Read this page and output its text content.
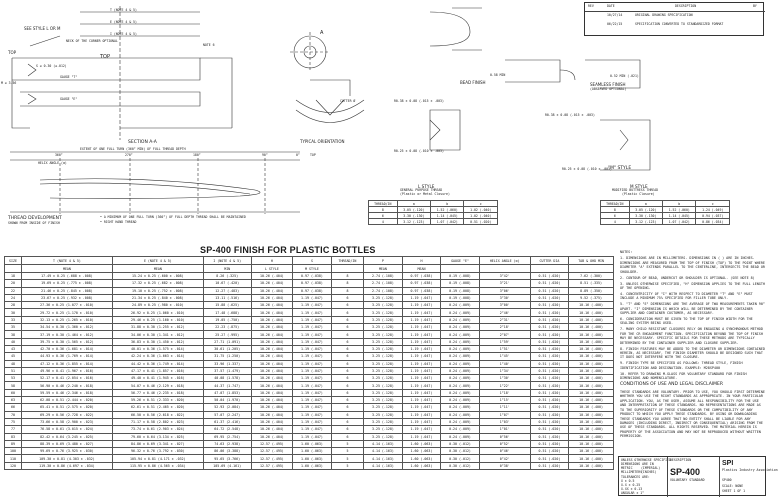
REV	DATE	DESCRIPTION	BY
10/27/14	ORIGINAL DRAWING SPECIFICATION
06/22/15	SPECIFICATION CONVERTED TO STANDARDIZED FORMAT
SEE STYLE L OR M
TOP
TOP
T (NOTE 4 & 5)
E (NOTE 4 & 5)
I (NOTE 4 & 5)
NOTE 6
NECK OF THE CORNER OPTIONAL
S ≤ 0.30 (≤.012)
GAUGE "T"
GAUGE "E"
M ≤ 3.56
SECTION A-A
BEAD FINISH
0.58 MIN
TYPICAL ORIENTATION
CUTTER Ø
A
SEAMLESS FINISH
(OBSERVED OPTIONAL)
0.52 MIN (.021)
R0.38 ± 0.08 (.015 ± .003)
R0.25 ± 0.08 (.010 ± .003)
R0.38 ± 0.08 (.015 ± .003)
R0.25 ± 0.08 (.010 ± .003)
"M" STYLE
EXTENT OF ONE FULL TURN (360° MIN) OF FULL THREAD DEPTH
HELIX ANGLE (α)
360°	270°	180°	90°	0°	TOP
THREAD DEVELOPMENT
SHOWN FROM INSIDE OF FINISH
• A MINIMUM OF ONE FULL TURN (360°) OF FULL DEPTH THREAD SHALL BE MAINTAINED
• RIGHT HAND THREAD
L STYLE
GENERAL PURPOSE THREAD
(Plastic or Metal Closure)
THREAD/IN	a	b	c
8	3.05 (.120)	1.52 (.060)	1.02 (.040)
6	3.30 (.130)	1.14 (.045)	1.02 (.040)
4	3.12 (.123)	1.07 (.042)	0.51 (.020)
M STYLE
MODIFIED BUTTRESS THREAD
(Plastic Closure)
THREAD/IN	a	b	c
8	3.05 (.120)	1.52 (.060)	1.24 (.049)
6	3.30 (.130)	1.14 (.045)	0.94 (.037)
4	3.12 (.123)	1.07 (.042)	0.86 (.034)
SP-400 FINISH FOR PLASTIC BOTTLES
SIZE	T (NOTE 4 & 5)	E (NOTE 4 & 5)	I (NOTE 4 & 5)	H	S	THREAD/IN	P	H	GAUGE "E"	HELIX ANGLE (α)	CUTTER DIA	TAB & OHD MIN
	MEAN	MEAN	MIN	L STYLE	M STYLE		MEAN	MEAN				
18	17.49 ± 0.25 (.688 ± .008)	15.24 ± 0.25 (.600 ± .008)	8.26 (.325)	10.26 (.404)	0.97 (.038)	8	2.74 (.108)	0.97 (.038)	0.19 (.008)	3°42'	0.51 (.020)	7.62 (.300)
20	19.69 ± 0.25 (.775 ± .008)	17.32 ± 0.25 (.682 ± .008)	10.67 (.420)	10.26 (.404)	0.97 (.038)	8	2.74 (.108)	0.97 (.038)	0.19 (.008)	3°21'	0.51 (.020)	8.51 (.335)
22	21.46 ± 0.25 (.845 ± .008)	19.10 ± 0.25 (.752 ± .008)	12.27 (.483)	10.26 (.404)	0.97 (.038)	8	2.74 (.108)	0.97 (.038)	0.19 (.008)	3°06'	0.51 (.020)	8.89 (.350)
24	23.67 ± 0.25 (.932 ± .008)	21.34 ± 0.25 (.840 ± .008)	13.11 (.516)	10.26 (.404)	1.19 (.047)	6	3.25 (.128)	1.19 (.047)	0.19 (.008)	3°30'	0.51 (.020)	9.52 (.375)
28	27.36 ± 0.25 (1.077 ± .010)	24.89 ± 0.25 (.980 ± .010)	15.88 (.625)	10.26 (.404)	1.19 (.047)	6	3.25 (.128)	1.19 (.047)	0.24 (.009)	3°00'	0.51 (.020)	10.16 (.400)
30	29.72 ± 0.25 (1.170 ± .010)	26.92 ± 0.25 (1.060 ± .010)	17.48 (.688)	10.26 (.404)	1.19 (.047)	6	3.25 (.128)	1.19 (.047)	0.24 (.009)	2°46'	0.51 (.020)	10.16 (.400)
33	32.13 ± 0.25 (1.265 ± .010)	29.46 ± 0.25 (1.160 ± .010)	19.05 (.750)	10.26 (.404)	1.19 (.047)	6	3.25 (.128)	1.19 (.047)	0.24 (.009)	2°31'	0.51 (.020)	10.16 (.400)
35	34.54 ± 0.30 (1.360 ± .012)	31.88 ± 0.30 (1.255 ± .012)	22.23 (.875)	10.26 (.404)	1.19 (.047)	6	3.25 (.128)	1.19 (.047)	0.24 (.009)	2°18'	0.51 (.020)	10.16 (.400)
38	37.19 ± 0.30 (1.464 ± .012)	34.06 ± 0.30 (1.341 ± .012)	25.27 (.995)	10.26 (.404)	1.19 (.047)	6	3.25 (.128)	1.19 (.047)	0.24 (.009)	2°07'	0.51 (.020)	10.16 (.400)
40	39.75 ± 0.30 (1.565 ± .012)	36.83 ± 0.30 (1.450 ± .012)	27.71 (1.091)	10.26 (.404)	1.19 (.047)	6	3.25 (.128)	1.19 (.047)	0.24 (.009)	1°59'	0.51 (.020)	10.16 (.400)
43	42.70 ± 0.36 (1.681 ± .014)	40.01 ± 0.36 (1.575 ± .014)	30.61 (1.205)	10.26 (.404)	1.19 (.047)	6	3.25 (.128)	1.19 (.047)	0.24 (.009)	1°51'	0.51 (.020)	10.16 (.400)
45	44.93 ± 0.36 (1.769 ± .014)	42.24 ± 0.36 (1.663 ± .014)	31.75 (1.250)	10.26 (.404)	1.19 (.047)	6	3.25 (.128)	1.19 (.047)	0.24 (.009)	1°45'	0.51 (.020)	10.16 (.400)
48	47.12 ± 0.36 (1.855 ± .014)	44.42 ± 0.36 (1.749 ± .014)	33.96 (1.337)	10.26 (.404)	1.19 (.047)	6	3.25 (.128)	1.19 (.047)	0.24 (.009)	1°40'	0.51 (.020)	10.16 (.400)
51	49.96 ± 0.41 (1.967 ± .016)	47.17 ± 0.41 (1.857 ± .016)	37.57 (1.479)	10.26 (.404)	1.19 (.047)	6	3.25 (.128)	1.19 (.047)	0.24 (.009)	1°34'	0.51 (.020)	10.16 (.400)
53	52.17 ± 0.41 (2.054 ± .016)	49.40 ± 0.41 (1.945 ± .016)	40.08 (1.578)	10.26 (.404)	1.19 (.047)	6	3.25 (.128)	1.19 (.047)	0.24 (.009)	1°30'	0.51 (.020)	10.16 (.400)
58	56.90 ± 0.46 (2.240 ± .018)	54.07 ± 0.46 (2.129 ± .018)	44.37 (1.747)	10.26 (.404)	1.19 (.047)	6	3.25 (.128)	1.19 (.047)	0.24 (.009)	1°22'	0.51 (.020)	10.16 (.400)
60	59.59 ± 0.46 (2.346 ± .018)	56.77 ± 0.46 (2.235 ± .018)	47.07 (1.853)	10.26 (.404)	1.19 (.047)	6	3.25 (.128)	1.19 (.047)	0.24 (.009)	1°18'	0.51 (.020)	10.16 (.400)
63	62.08 ± 0.51 (2.444 ± .020)	59.26 ± 0.51 (2.333 ± .020)	50.04 (1.970)	10.26 (.404)	1.19 (.047)	6	3.25 (.128)	1.19 (.047)	0.24 (.009)	1°15'	0.51 (.020)	10.16 (.400)
66	65.41 ± 0.51 (2.575 ± .020)	62.61 ± 0.51 (2.465 ± .020)	52.93 (2.084)	10.26 (.404)	1.19 (.047)	6	3.25 (.128)	1.19 (.047)	0.24 (.009)	1°11'	0.51 (.020)	10.16 (.400)
70	69.29 ± 0.56 (2.728 ± .022)	66.50 ± 0.56 (2.618 ± .022)	57.07 (2.247)	10.26 (.404)	1.19 (.047)	6	3.25 (.128)	1.19 (.047)	0.24 (.009)	1°07'	0.51 (.020)	10.16 (.400)
75	73.66 ± 0.58 (2.900 ± .023)	71.17 ± 0.58 (2.802 ± .023)	61.37 (2.416)	10.26 (.404)	1.19 (.047)	6	3.25 (.128)	1.19 (.047)	0.24 (.009)	1°03'	0.51 (.020)	10.16 (.400)
77	76.58 ± 0.61 (3.015 ± .024)	73.74 ± 0.61 (2.903 ± .024)	64.72 (2.548)	10.26 (.404)	1.19 (.047)	6	3.25 (.128)	1.19 (.047)	0.24 (.009)	1°01'	0.51 (.020)	10.16 (.400)
83	82.42 ± 0.64 (3.245 ± .025)	79.60 ± 0.64 (3.134 ± .025)	69.95 (2.754)	10.26 (.404)	1.19 (.047)	6	3.25 (.128)	1.19 (.047)	0.24 (.009)	0°56'	0.51 (.020)	10.16 (.400)
89	88.39 ± 0.69 (3.480 ± .027)	84.86 ± 0.69 (3.341 ± .027)	74.63 (2.938)	12.57 (.495)	1.60 (.063)	5	4.14 (.163)	1.60 (.063)	0.30 (.012)	0°52'	0.51 (.020)	10.16 (.400)
100	99.69 ± 0.76 (3.925 ± .030)	96.32 ± 0.76 (3.792 ± .030)	86.06 (3.388)	12.57 (.495)	1.60 (.063)	5	4.14 (.163)	1.60 (.063)	0.30 (.012)	0°46'	0.51 (.020)	10.16 (.400)
110	109.30 ± 0.81 (4.303 ± .032)	105.94 ± 0.81 (4.171 ± .032)	95.65 (3.766)	12.57 (.495)	1.60 (.063)	5	4.14 (.163)	1.60 (.063)	0.30 (.012)	0°42'	0.51 (.020)	10.16 (.400)
120	119.30 ± 0.86 (4.697 ± .034)	115.95 ± 0.86 (4.565 ± .034)	105.69 (4.161)	12.57 (.495)	1.60 (.063)	5	4.14 (.163)	1.60 (.063)	0.30 (.012)	0°38'	0.51 (.020)	10.16 (.400)
NOTES:
1. DIMENSIONS ARE IN MILLIMETERS. DIMENSIONS IN ( ) ARE IN INCHES. DIMENSIONS ARE MEASURED FROM THE TOP OF FINISH (TOF) TO THE POINT WHERE DIAMETER "A" EXTENDS PARALLEL TO THE CENTERLINE, INTERSECTS THE BEAD OR SHOULDER.
2. CONTOUR OF BEAD, UNDERCUT OR SHOULDER IS OPTIONAL. (SEE NOTE 8)
3. UNLESS OTHERWISE SPECIFIED, "H" DIMENSION APPLIES TO THE FULL LENGTH OF THE OPENING.
4. CONCENTRICITY OF "I" WITH RESPECT TO DIAMETER "T" AND "E" MUST INCLUDE A MINIMUM 75% SPECIFIED FOR FILLER TUBE ONLY.
5. "T" AND "E" DIMENSIONS ARE THE AVERAGE OF TWO MEASUREMENTS TAKEN 90° APART. "I" DIMENSION IS WHICH WILL BE DETERMINED BY THE CONTAINER SUPPLIER AND CONTAINER CUSTOMER, AS NECESSARY.
6. CONSIDERATION MUST BE GIVEN TO THE TOP OF FINISH WIDTH FOR THE SEALING SYSTEM BEING USED.
7. MANY CHILD RESISTANT CLOSURES RELY ON ENGAGING A SYNCHRONOUS METHOD FOR THE CR ENGAGEMENT FUNCTION. SPECIFICATION BEYOND THE TOP OF FINISH MAY BE NECESSARY. SPECIFIC DETAILS FOR THESE METHODS ARE TYPICALLY DETERMINED BY THE CONTAINER SUPPLIER AND CLOSURE SUPPLIER.
8. FINISH FEATURES MAY BE ADDED TO THE DIAMETER OR DIMENSIONS CONTAINED HEREIN, AS NECESSARY, THE FINISH DIAMETER SHOULD BE DESIGNED SUCH THAT IT DOES NOT INTERFERE WITH THE CLOSURE.
9. FINISH TYPE BE SPECIFIED AS FOLLOWS: THREAD STYLE, FINISH IDENTIFICATION AND DESIGNATION. EXAMPLE: M28SP400
10. REFER TO DRAWING M-GLASS FOR VOLUNTARY STANDARD FOR FINISH DIMENSIONS AND NOMENCLATURE.
CONDITIONS OF USE AND LEGAL DISCLAIMER
THESE STANDARDS ARE VOLUNTARY. PRIOR TO USE, YOU SHOULD FIRST DETERMINE WHETHER YOU USE THE RIGHT STANDARDS AS APPROPRIATE. IN YOUR PARTICULAR APPLICATION. YOU, AS THE USER, ASSUME ALL RESPONSIBILITY FOR THE USE AND INTERPRETATION OF THESE STANDARDS. NO REPRESENTATIONS ARE MADE AS TO THE SUPERIORITY OF THESE STANDARDS OR THE COMPATIBILITY OF ANY PRODUCT TO WHICH YOU APPLY THESE STANDARDS. BY USING OR DOWNLOADING THESE STANDARDS YOU AGREE THAT NO ENTITY SHALL BE LIABLE FOR ANY DAMAGES (INCLUDING DIRECT, INDIRECT OR CONSEQUENTIAL) ARISING FROM THE USE OF THESE STANDARDS. ALL RIGHTS RESERVED. THE MATERIAL HEREIN IS PROPERTY OF THE ASSOCIATION AND MAY NOT BE REPRODUCED WITHOUT WRITTEN PERMISSION.
UNLESS OTHERWISE SPECIFIED
DIMENSIONS ARE IN
METRIC	(IMPERIAL)
MILLIMETERS
(INCHES)
TOLERANCES ARE:
X ± 0.5
X.X ± 0.25
X.XX ± 0.13
ANGULAR ± 1°
DESCRIPTION
SP-400
VOLUNTARY STANDARD
SPI
Plastics Industry Association
SP400
SCALE: NONE
SHEET 1 OF 1
